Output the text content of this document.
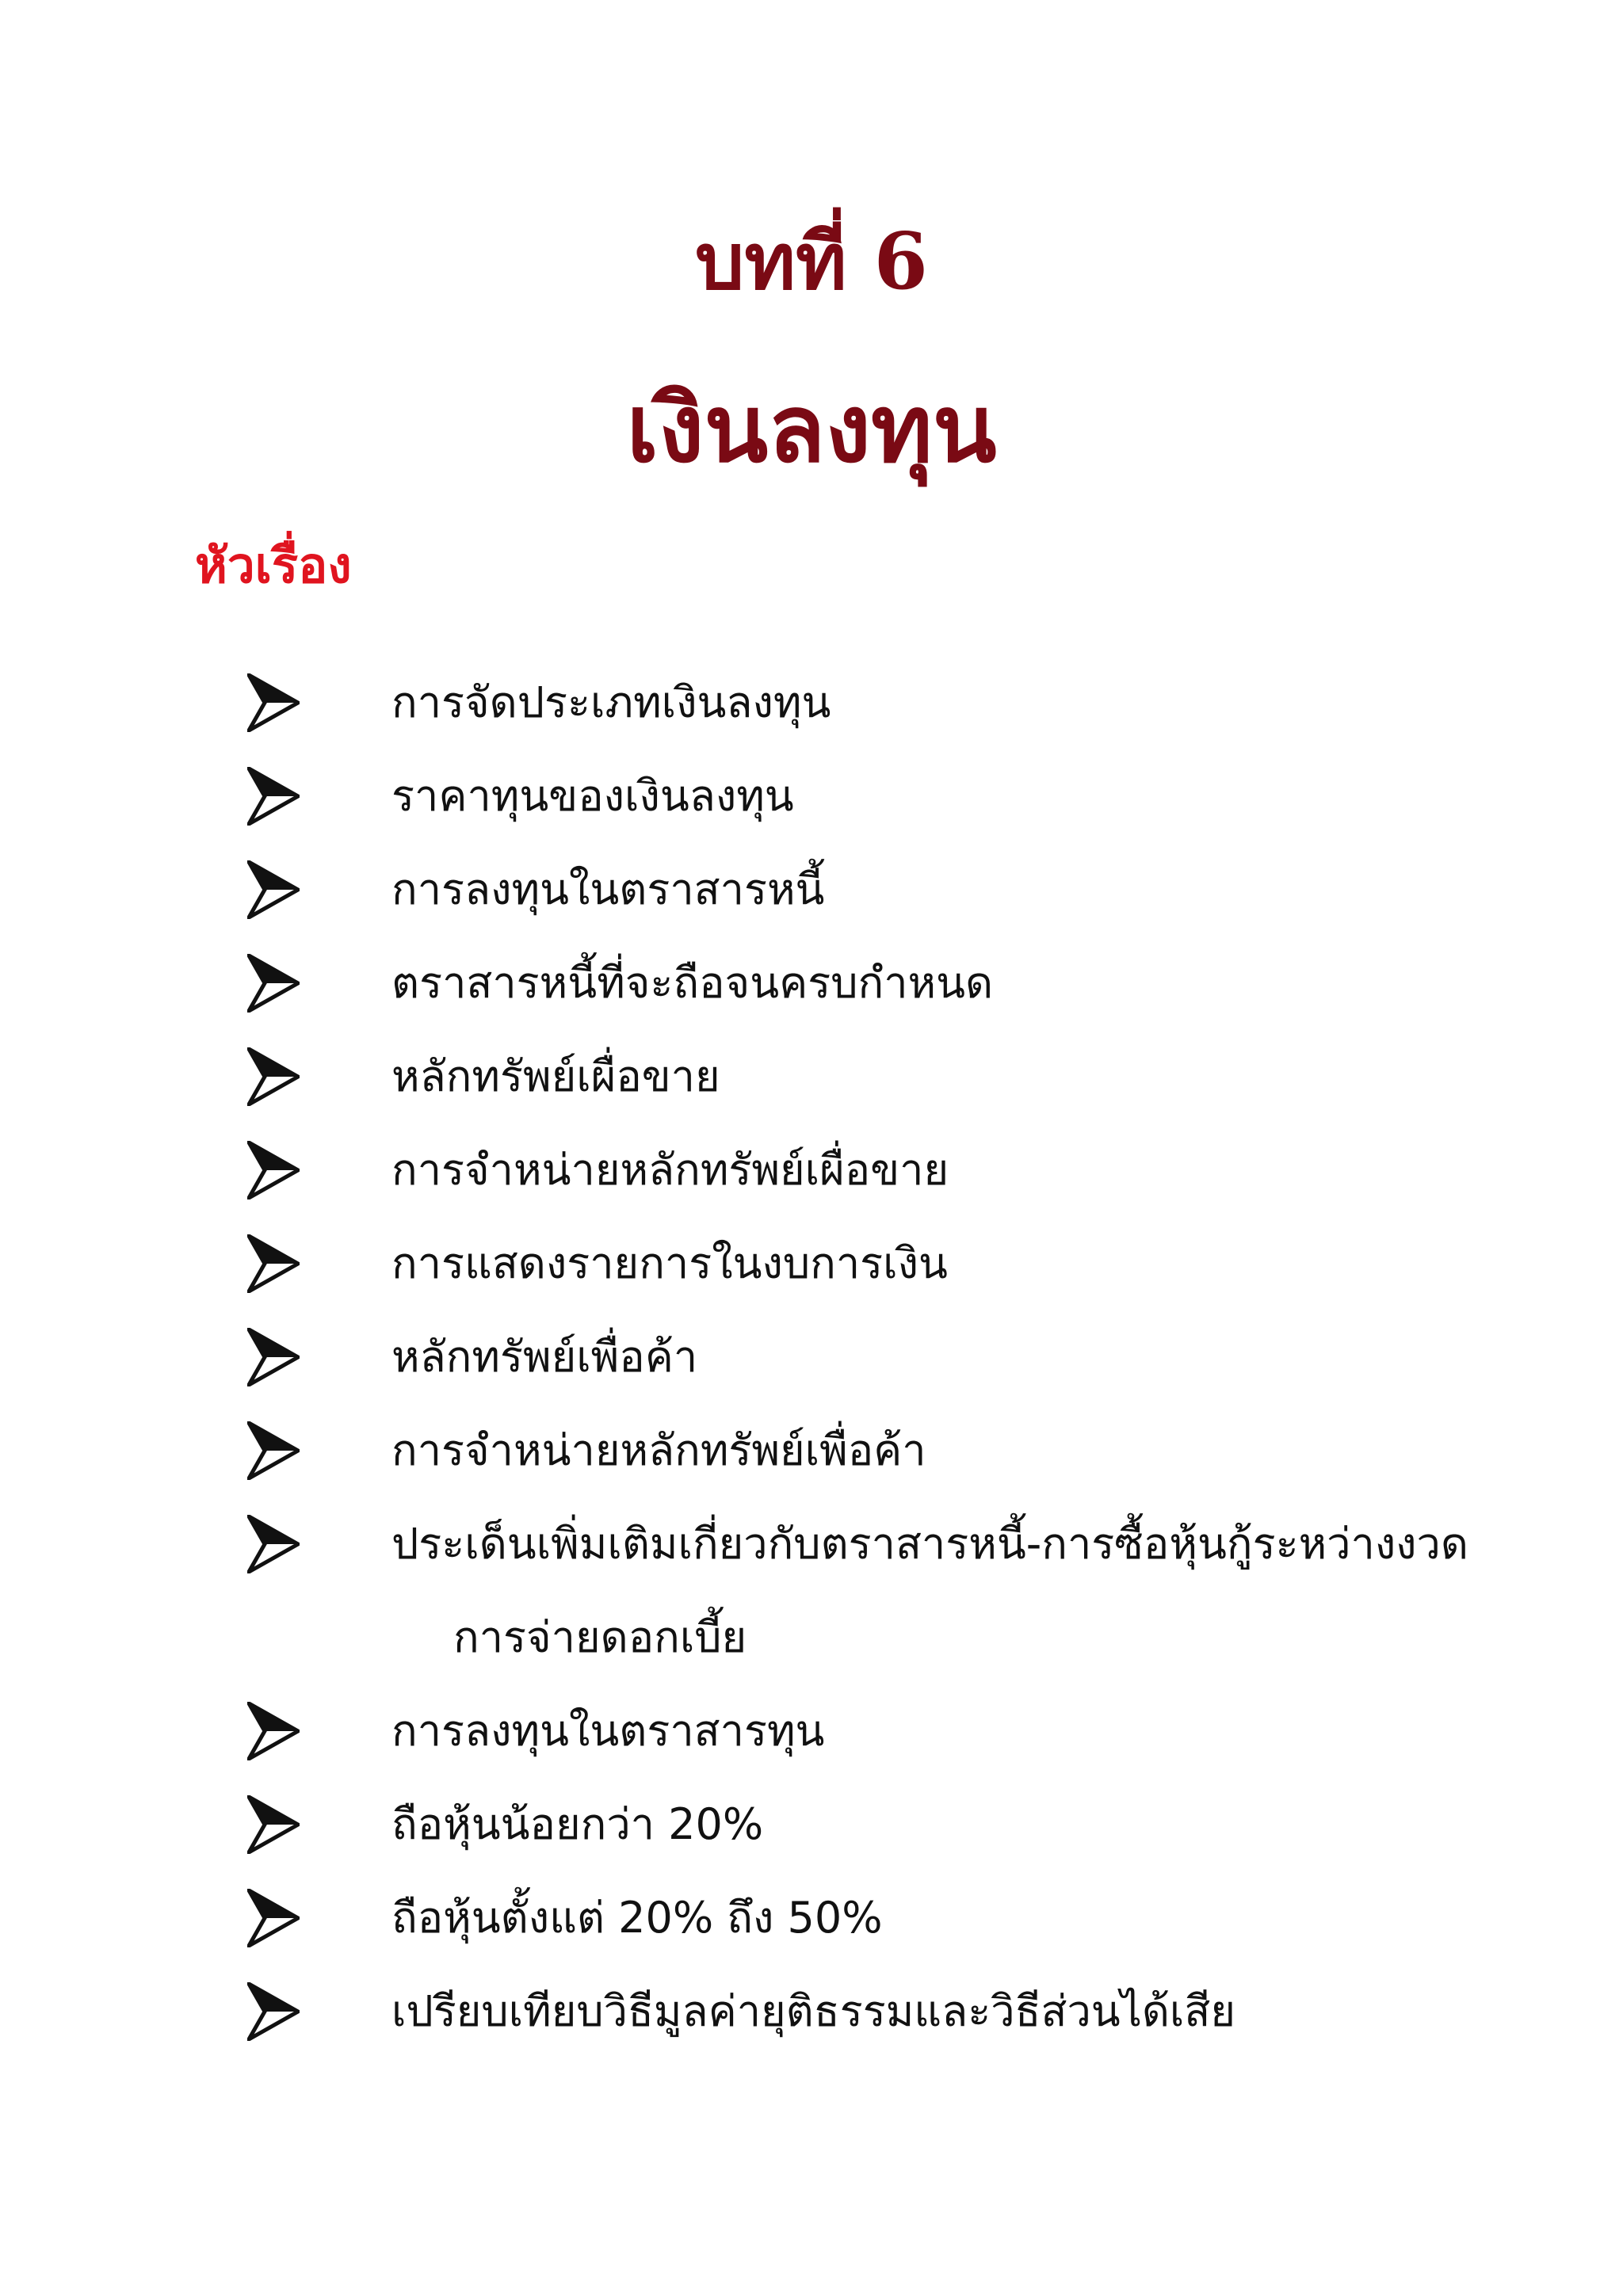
บทที่ 6
เงินลงทุน
หัวเรื่อง
การจัดประเภทเงินลงทุน
ราคาทุนของเงินลงทุน
การลงทุนในตราสารหนี้
ตราสารหนี้ที่จะถือจนครบกำหนด
หลักทรัพย์เผื่อขาย
การจำหน่ายหลักทรัพย์เผื่อขาย
การแสดงรายการในงบการเงิน
หลักทรัพย์เพื่อค้า
การจำหน่ายหลักทรัพย์เพื่อค้า
ประเด็นเพิ่มเติมเกี่ยวกับตราสารหนี้-การซื้อหุ้นกู้ระหว่างงวด
การจ่ายดอกเบี้ย
การลงทุนในตราสารทุน
ถือหุ้นน้อยกว่า 20%
ถือหุ้นตั้งแต่ 20% ถึง 50%
เปรียบเทียบวิธีมูลค่ายุติธรรมและวิธีส่วนได้เสีย
